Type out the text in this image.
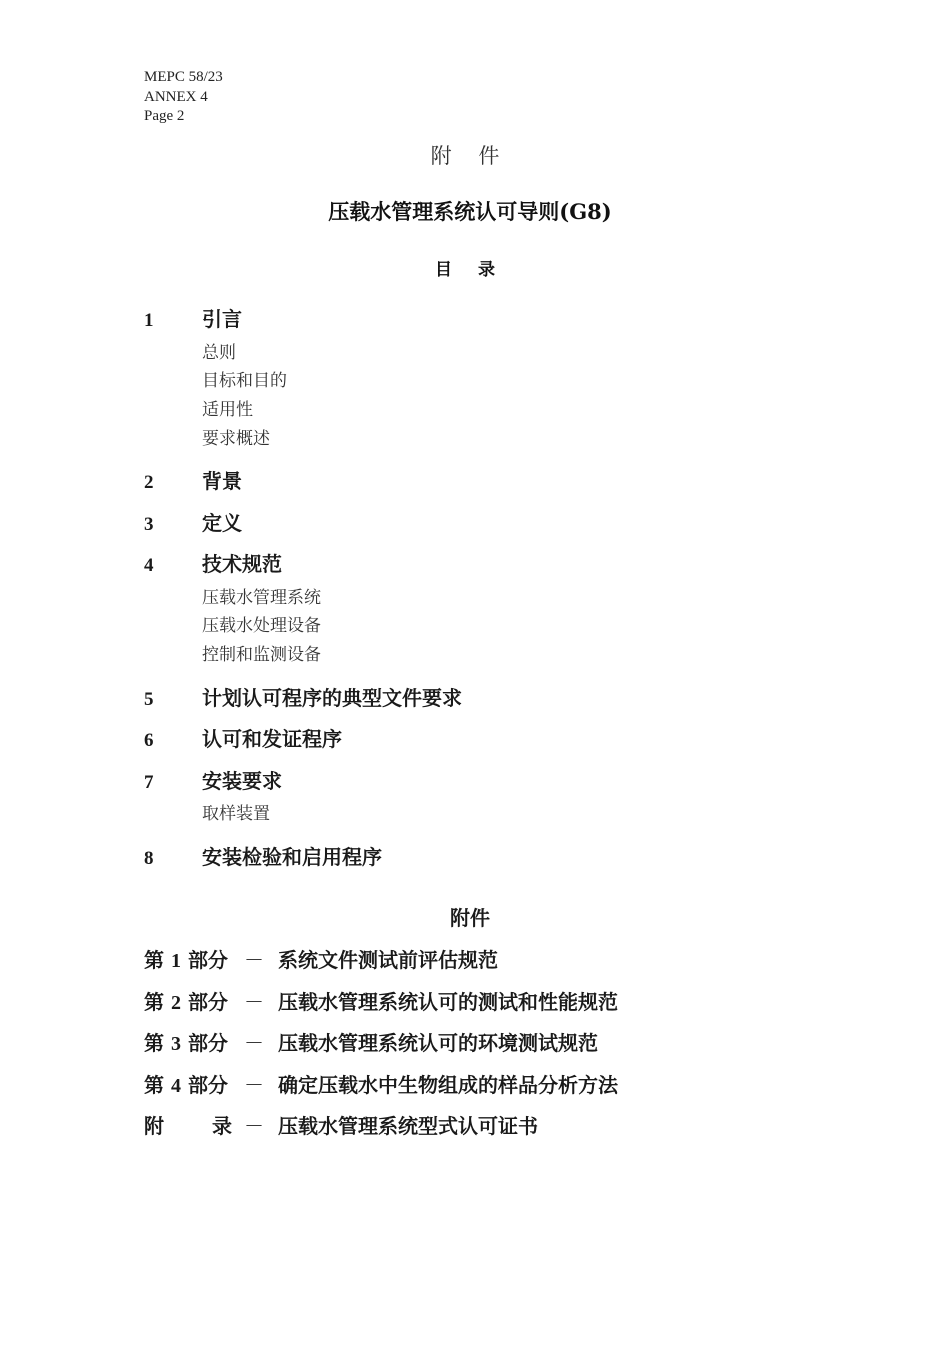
MEPC 58/23
ANNEX 4
Page 2
附 件
压载水管理系统认可导则(G8)
目 录
1	引言
总则
目标和目的
适用性
要求概述
2	背景
3	定义
4	技术规范
压载水管理系统
压载水处理设备
控制和监测设备
5	计划认可程序的典型文件要求
6	认可和发证程序
7	安装要求
取样装置
8	安装检验和启用程序
附件
第 1 部分 － 系统文件测试前评估规范
第 2 部分 － 压载水管理系统认可的测试和性能规范
第 3 部分 － 压载水管理系统认可的环境测试规范
第 4 部分 － 确定压载水中生物组成的样品分析方法
附 录 － 压载水管理系统型式认可证书
